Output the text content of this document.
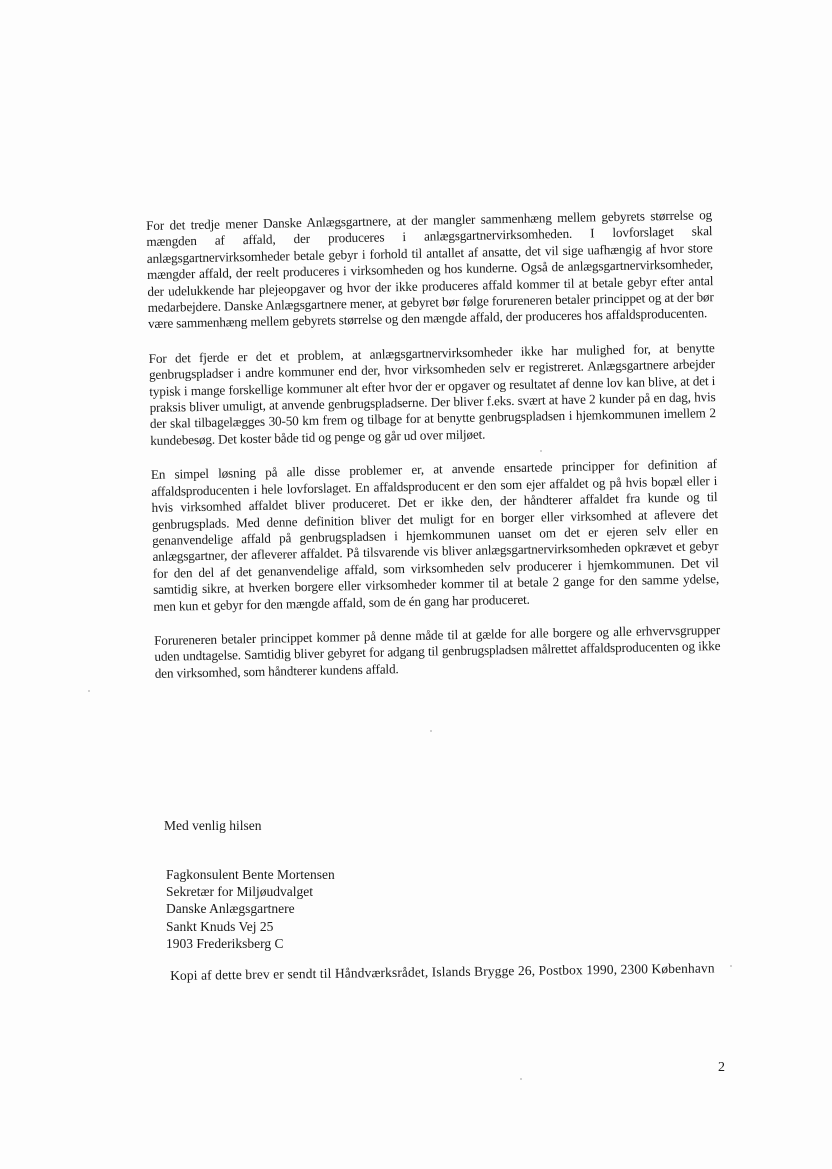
For det tredje mener Danske Anlægsgartnere, at der mangler sammenhæng mellem gebyrets størrelse og mængden af affald, der produceres i anlægsgartnervirksomheden. I lovforslaget skal anlægsgartnervirksomheder betale gebyr i forhold til antallet af ansatte, det vil sige uafhængig af hvor store mængder affald, der reelt produceres i virksomheden og hos kunderne. Også de anlægsgartnervirksomheder, der udelukkende har plejeopgaver og hvor der ikke produceres affald kommer til at betale gebyr efter antal medarbejdere. Danske Anlægsgartnere mener, at gebyret bør følge forureneren betaler princippet og at der bør være sammenhæng mellem gebyrets størrelse og den mængde affald, der produceres hos affaldsproducenten.

For det fjerde er det et problem, at anlægsgartnervirksomheder ikke har mulighed for, at benytte genbrugspladser i andre kommuner end der, hvor virksomheden selv er registreret. Anlægsgartnere arbejder typisk i mange forskellige kommuner alt efter hvor der er opgaver og resultatet af denne lov kan blive, at det i praksis bliver umuligt, at anvende genbrugspladserne. Der bliver f.eks. svært at have 2 kunder på en dag, hvis der skal tilbagelægges 30-50 km frem og tilbage for at benytte genbrugspladsen i hjemkommunen imellem 2 kundebesøg. Det koster både tid og penge og går ud over miljøet.

En simpel løsning på alle disse problemer er, at anvende ensartede principper for definition af affaldsproducenten i hele lovforslaget. En affaldsproducent er den som ejer affaldet og på hvis bopæl eller i hvis virksomhed affaldet bliver produceret. Det er ikke den, der håndterer affaldet fra kunde og til genbrugsplads. Med denne definition bliver det muligt for en borger eller virksomhed at aflevere det genanvendelige affald på genbrugspladsen i hjemkommunen uanset om det er ejeren selv eller en anlægsgartner, der afleverer affaldet. På tilsvarende vis bliver anlægsgartnervirksomheden opkrævet et gebyr for den del af det genanvendelige affald, som virksomheden selv producerer i hjemkommunen. Det vil samtidig sikre, at hverken borgere eller virksomheder kommer til at betale 2 gange for den samme ydelse, men kun et gebyr for den mængde affald, som de én gang har produceret.

Forureneren betaler princippet kommer på denne måde til at gælde for alle borgere og alle erhvervsgrupper uden undtagelse. Samtidig bliver gebyret for adgang til genbrugspladsen målrettet affaldsproducenten og ikke den virksomhed, som håndterer kundens affald.

Med venlig hilsen
Fagkonsulent Bente Mortensen
Sekretær for Miljøudvalget
Danske Anlægsgartnere
Sankt Knuds Vej 25
1903 Frederiksberg C
Kopi af dette brev er sendt til Håndværksrådet, Islands Brygge 26, Postbox 1990, 2300 København
2
